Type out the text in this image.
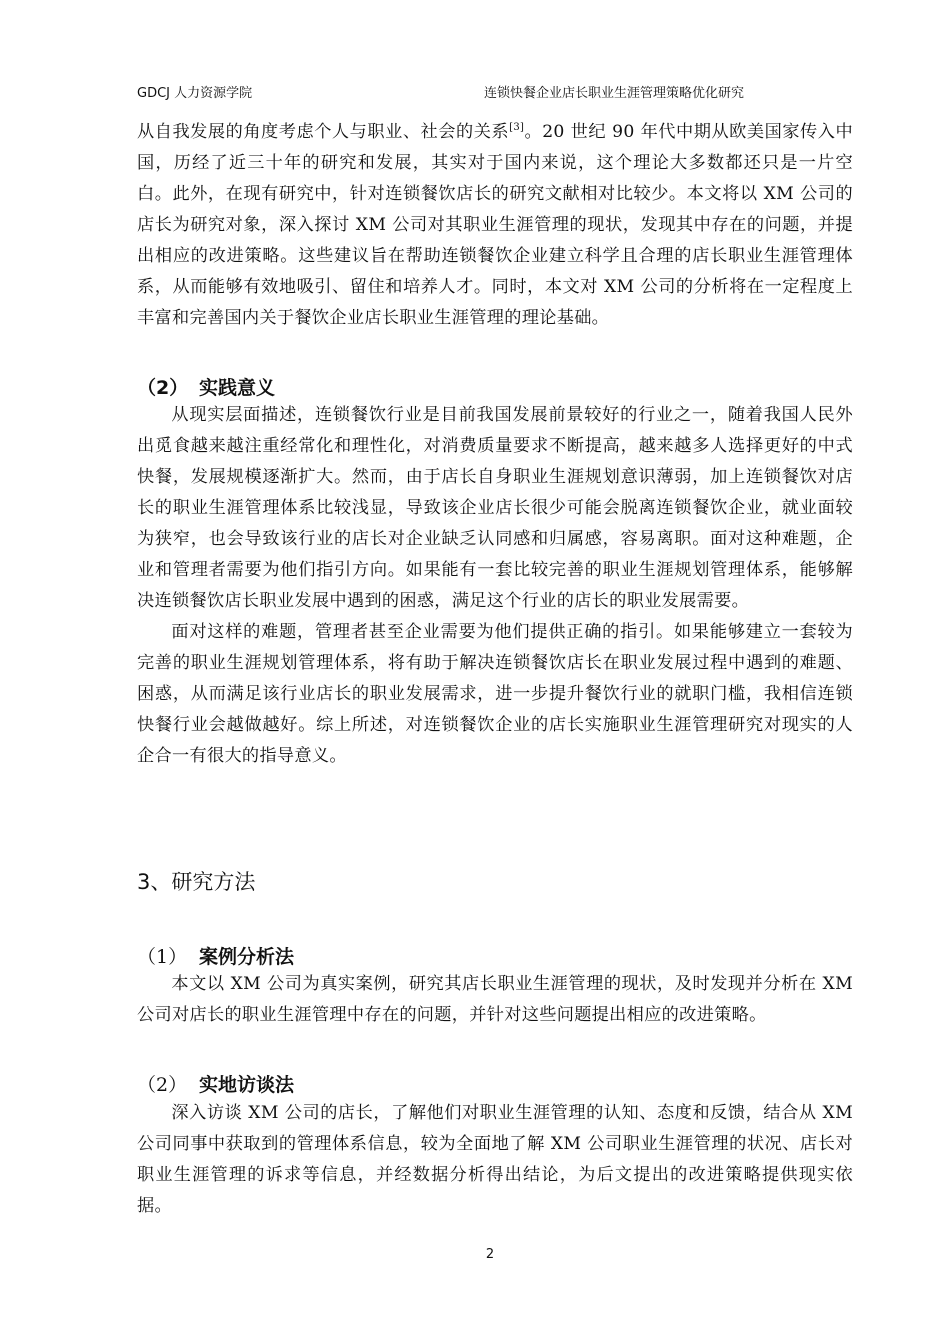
GDCJ 人力资源学院	连锁快餐企业店长职业生涯管理策略优化研究

从自我发展的角度考虑个人与职业、社会的关系[3]。20 世纪 90 年代中期从欧美国家传入中国，历经了近三十年的研究和发展，其实对于国内来说，这个理论大多数都还只是一片空白。此外，在现有研究中，针对连锁餐饮店长的研究文献相对比较少。本文将以 XM 公司的店长为研究对象，深入探讨 XM 公司对其职业生涯管理的现状，发现其中存在的问题，并提出相应的改进策略。这些建议旨在帮助连锁餐饮企业建立科学且合理的店长职业生涯管理体系，从而能够有效地吸引、留住和培养人才。同时，本文对 XM 公司的分析将在一定程度上丰富和完善国内关于餐饮企业店长职业生涯管理的理论基础。

（2） 实践意义

从现实层面描述，连锁餐饮行业是目前我国发展前景较好的行业之一，随着我国人民外出觅食越来越注重经常化和理性化，对消费质量要求不断提高，越来越多人选择更好的中式快餐，发展规模逐渐扩大。然而，由于店长自身职业生涯规划意识薄弱，加上连锁餐饮对店长的职业生涯管理体系比较浅显，导致该企业店长很少可能会脱离连锁餐饮企业，就业面较为狭窄，也会导致该行业的店长对企业缺乏认同感和归属感，容易离职。面对这种难题，企业和管理者需要为他们指引方向。如果能有一套比较完善的职业生涯规划管理体系，能够解决连锁餐饮店长职业发展中遇到的困惑，满足这个行业的店长的职业发展需要。

面对这样的难题，管理者甚至企业需要为他们提供正确的指引。如果能够建立一套较为完善的职业生涯规划管理体系，将有助于解决连锁餐饮店长在职业发展过程中遇到的难题、困惑，从而满足该行业店长的职业发展需求，进一步提升餐饮行业的就职门槛，我相信连锁快餐行业会越做越好。综上所述，对连锁餐饮企业的店长实施职业生涯管理研究对现实的人企合一有很大的指导意义。

3、研究方法
（1） 案例分析法

本文以 XM 公司为真实案例，研究其店长职业生涯管理的现状，及时发现并分析在 XM 公司对店长的职业生涯管理中存在的问题，并针对这些问题提出相应的改进策略。

（2） 实地访谈法

深入访谈 XM 公司的店长，了解他们对职业生涯管理的认知、态度和反馈，结合从 XM 公司同事中获取到的管理体系信息，较为全面地了解 XM 公司职业生涯管理的状况、店长对职业生涯管理的诉求等信息，并经数据分析得出结论，为后文提出的改进策略提供现实依据。

2
